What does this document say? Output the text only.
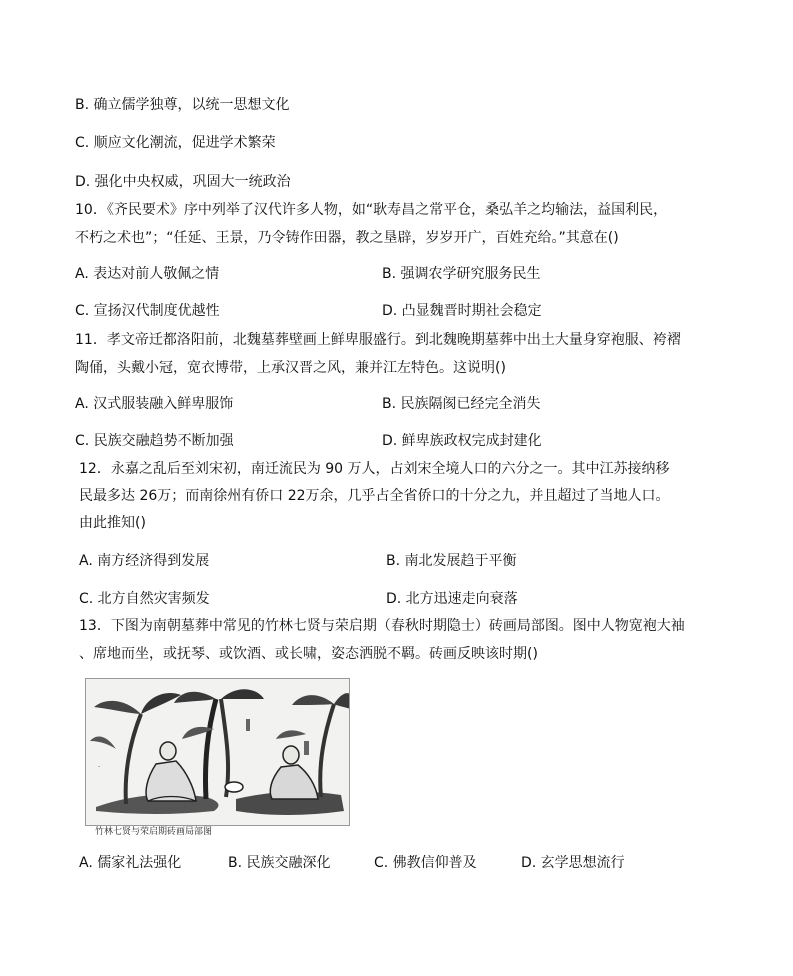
B. 确立儒学独尊，以统一思想文化
C. 顺应文化潮流，促进学术繁荣
D. 强化中央权威，巩固大一统政治
10．《齐民要术》序中列举了汉代许多人物，如“耿寿昌之常平仓，桑弘羊之均输法，益国利民，
不朽之术也”；“任延、王景，乃令铸作田器，教之垦辟，岁岁开广，百姓充给。”其意在()
A. 表达对前人敬佩之情	B. 强调农学研究服务民生
C. 宣扬汉代制度优越性	D. 凸显魏晋时期社会稳定
11．孝文帝迁都洛阳前，北魏墓葬壁画上鲜卑服盛行。到北魏晚期墓葬中出土大量身穿袍服、袴褶
陶俑，头戴小冠，宽衣博带，上承汉晋之风，兼并江左特色。这说明()
A. 汉式服装融入鲜卑服饰	B. 民族隔阂已经完全消失
C. 民族交融趋势不断加强	D. 鲜卑族政权完成封建化
12．永嘉之乱后至刘宋初，南迁流民为 90 万人，占刘宋全境人口的六分之一。其中江苏接纳移
民最多达 26万；而南徐州有侨口 22万余，几乎占全省侨口的十分之九，并且超过了当地人口。
由此推知()
A. 南方经济得到发展	B. 南北发展趋于平衡
C. 北方自然灾害频发	D. 北方迅速走向衰落
13．下图为南朝墓葬中常见的竹林七贤与荣启期（春秋时期隐士）砖画局部图。图中人物宽袍大袖
、席地而坐，或抚琴、或饮酒、或长啸，姿态洒脱不羁。砖画反映该时期()
.
竹林七贤与荣启期砖画局部图
A. 儒家礼法强化	B. 民族交融深化	C. 佛教信仰普及	D. 玄学思想流行
